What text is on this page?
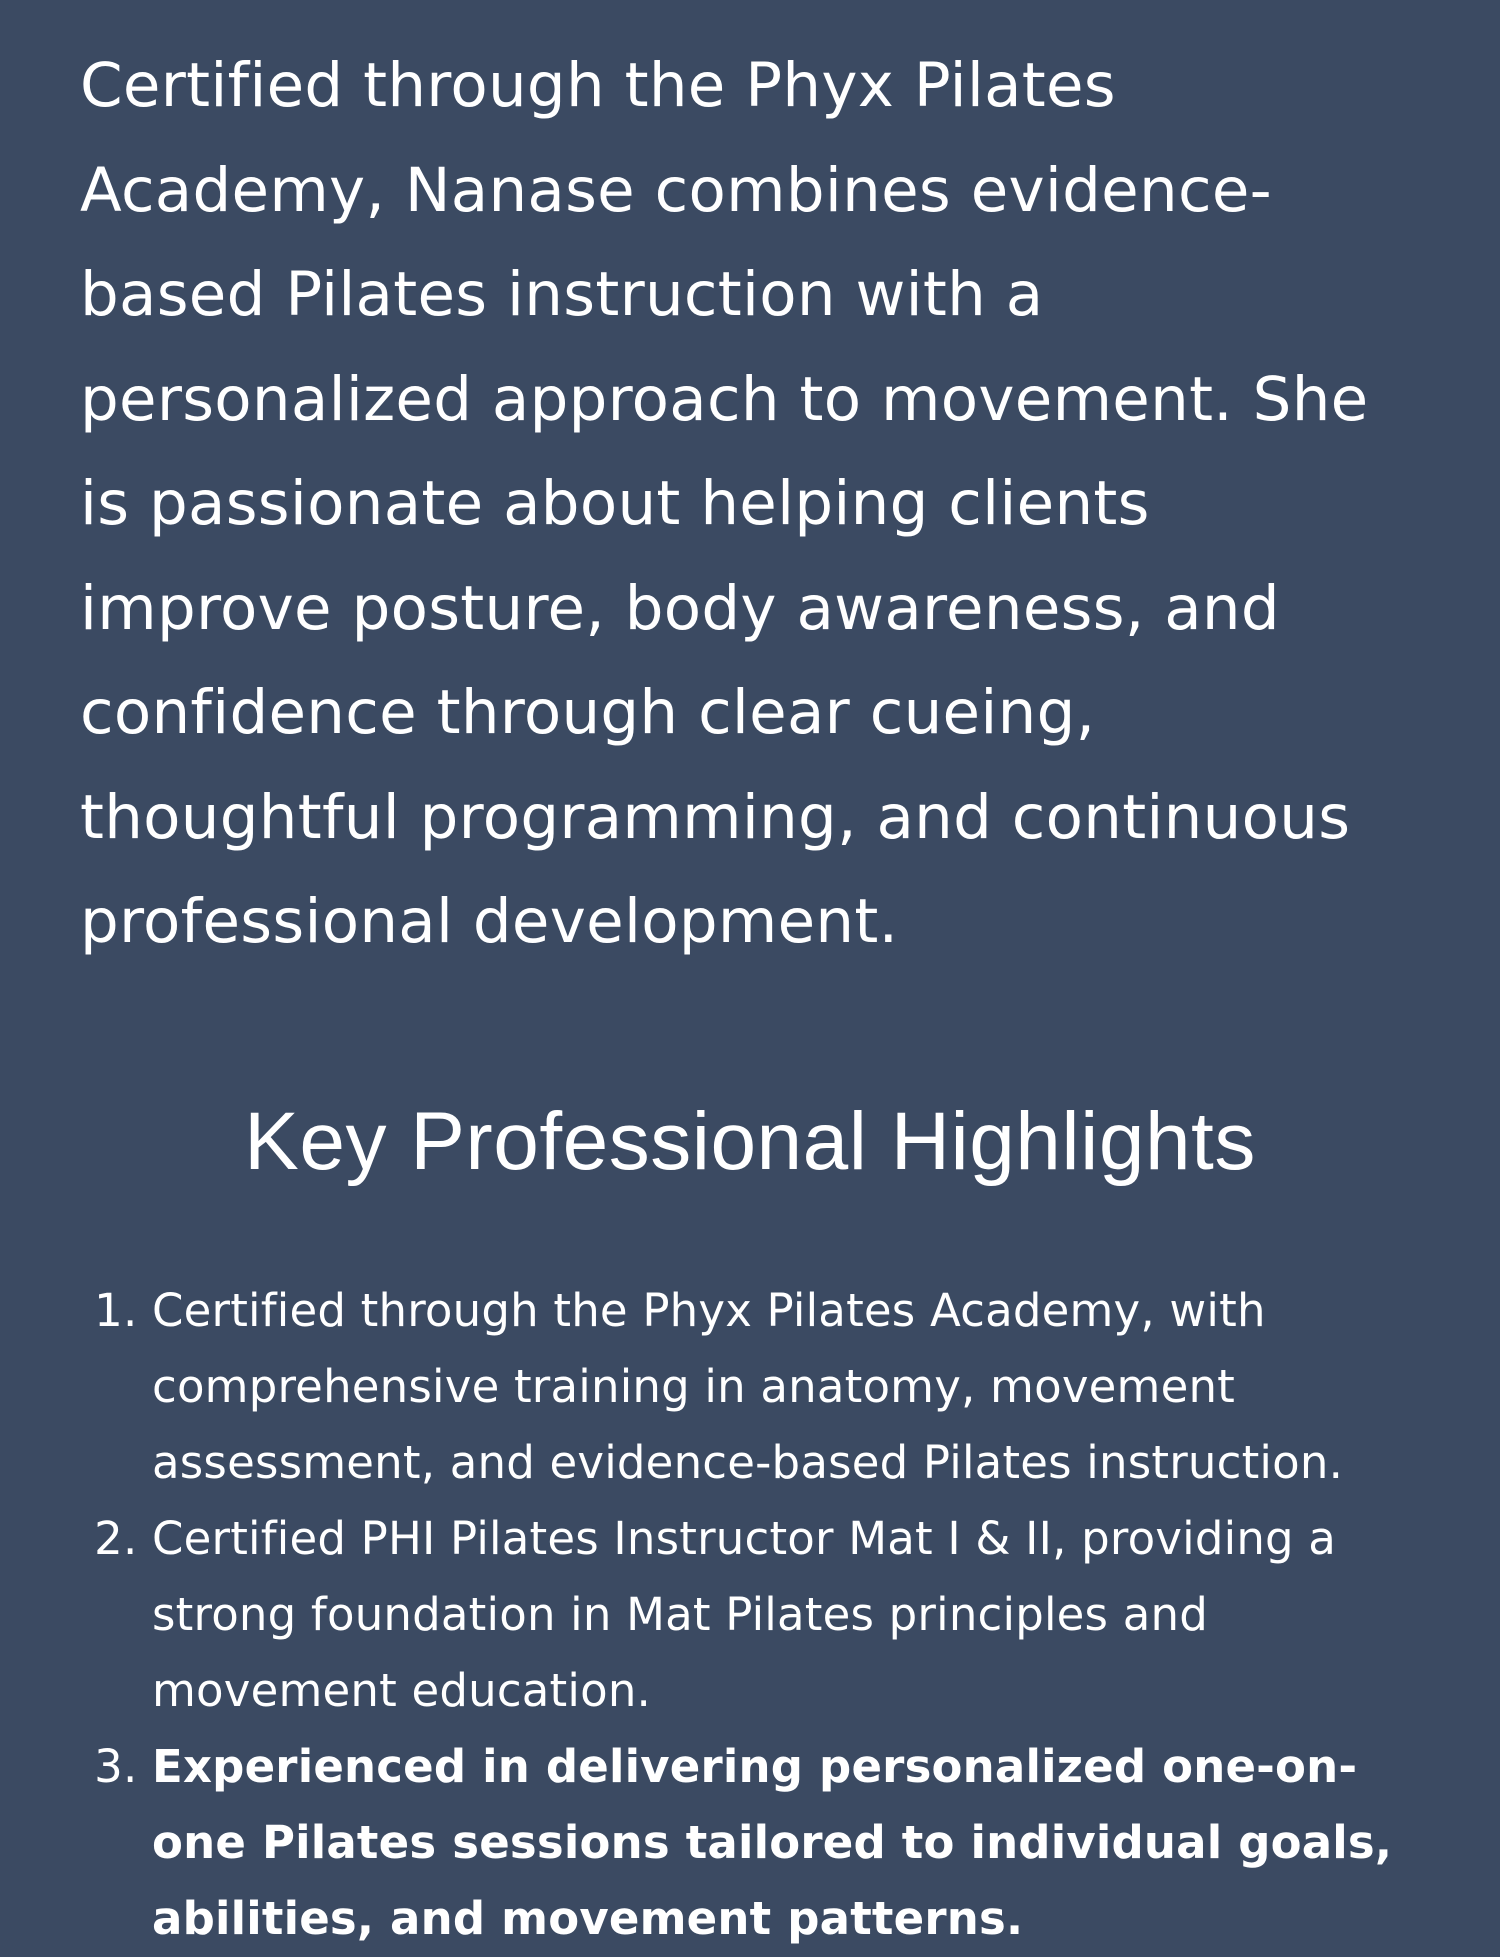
Certified through the Phyx Pilates Academy, Nanase combines evidence-based Pilates instruction with a personalized approach to movement. She is passionate about helping clients improve posture, body awareness, and confidence through clear cueing, thoughtful programming, and continuous professional development.

Key Professional Highlights
1. Certified through the Phyx Pilates Academy, with comprehensive training in anatomy, movement assessment, and evidence-based Pilates instruction.
2. Certified PHI Pilates Instructor Mat I & II, providing a strong foundation in Mat Pilates principles and movement education.
3. Experienced in delivering personalized one-on-one Pilates sessions tailored to individual goals, abilities, and movement patterns.
